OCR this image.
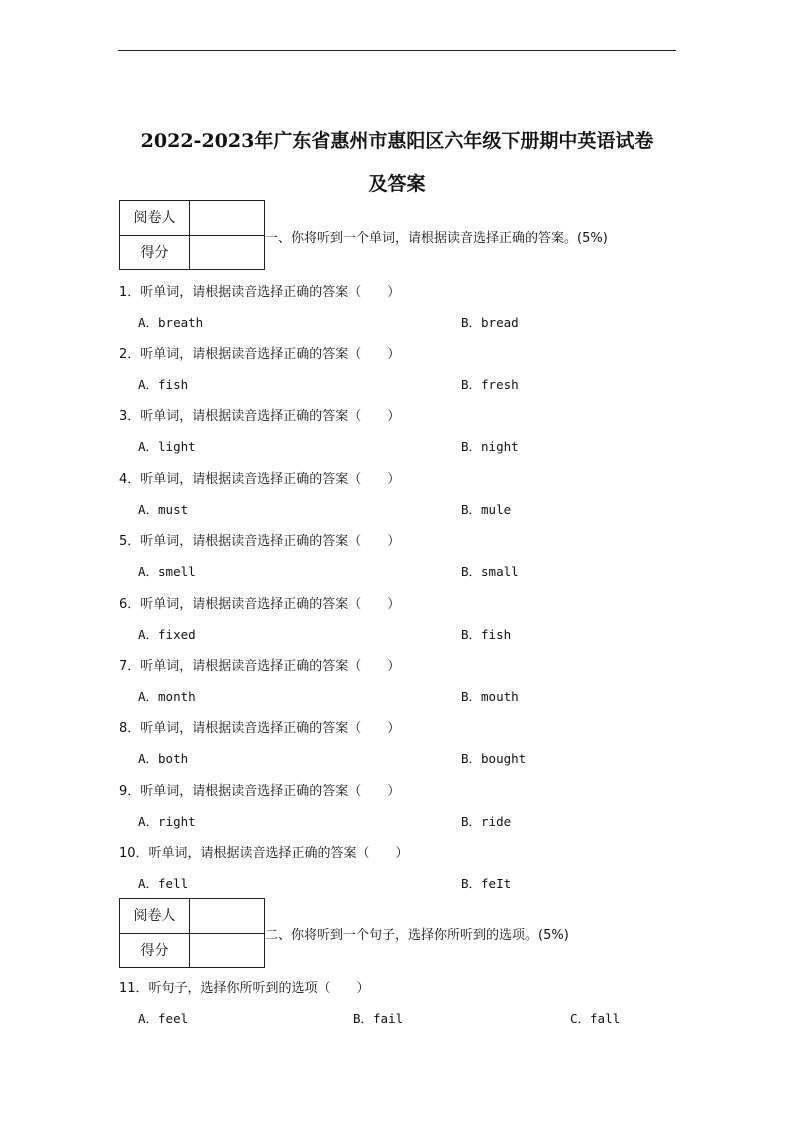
2022-2023年广东省惠州市惠阳区六年级下册期中英语试卷
及答案
阅卷人
得分
一、你将听到一个单词，请根据读音选择正确的答案。(5%)
1．听单词，请根据读音选择正确的答案（　　）
A．breath	B．bread
2．听单词，请根据读音选择正确的答案（　　）
A．fish	B．fresh
3．听单词，请根据读音选择正确的答案（　　）
A．light	B．night
4．听单词，请根据读音选择正确的答案（　　）
A．must	B．mule
5．听单词，请根据读音选择正确的答案（　　）
A．smell	B．small
6．听单词，请根据读音选择正确的答案（　　）
A．fixed	B．fish
7．听单词，请根据读音选择正确的答案（　　）
A．month	B．mouth
8．听单词，请根据读音选择正确的答案（　　）
A．both	B．bought
9．听单词，请根据读音选择正确的答案（　　）
A．right	B．ride
10．听单词，请根据读音选择正确的答案（　　）
A．fell	B．feIt
阅卷人
得分
二、你将听到一个句子，选择你所听到的选项。(5%)
11．听句子，选择你所听到的选项（　　）
A．feel	B．fail	C．fall
